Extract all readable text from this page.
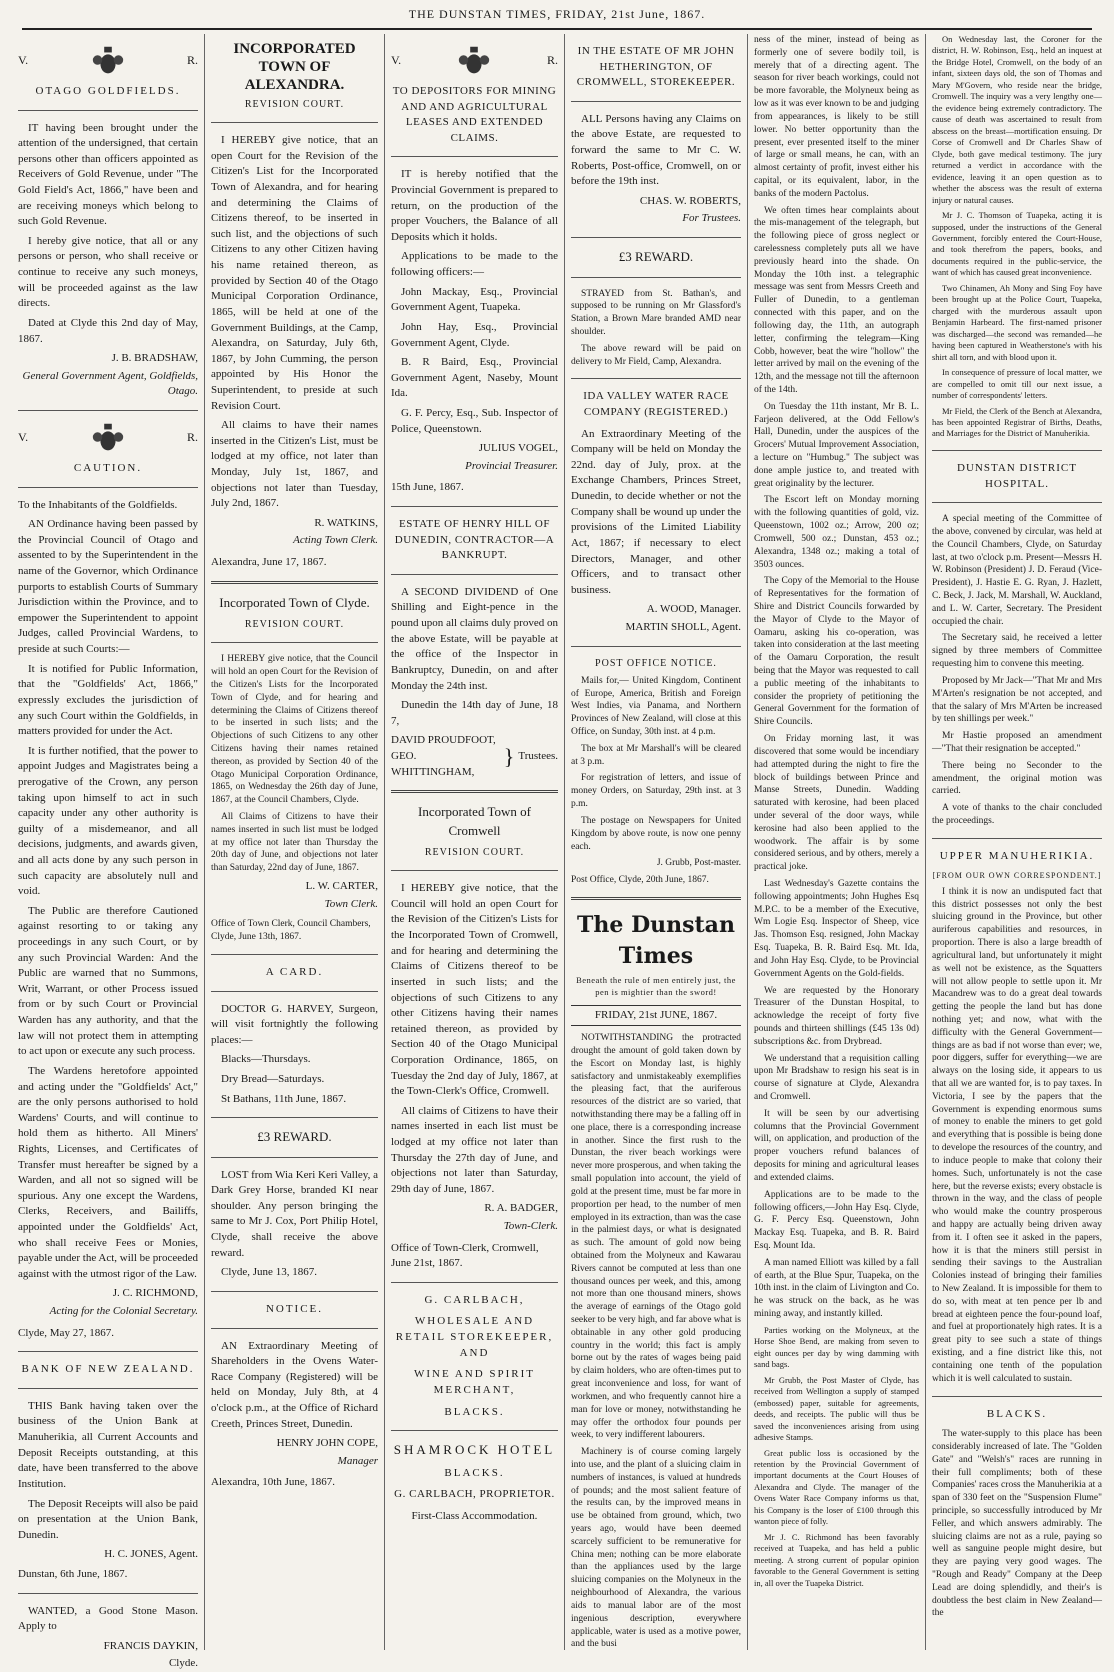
THE DUNSTAN TIMES, FRIDAY, 21st June, 1867.
V.	R.
OTAGO GOLDFIELDS.

IT having been brought under the attention of the undersigned, that certain persons other than officers appointed as Receivers of Gold Revenue, under "The Gold Field's Act, 1866," have been and are receiving moneys which belong to such Gold Revenue.

I hereby give notice, that all or any persons or person, who shall receive or continue to receive any such moneys, will be proceeded against as the law directs.

Dated at Clyde this 2nd day of May, 1867.

J. B. BRADSHAW,
General Government Agent, Goldfields, Otago.
V.	R.
CAUTION.

To the Inhabitants of the Goldfields.

AN Ordinance having been passed by the Provincial Council of Otago and assented to by the Superintendent in the name of the Governor, which Ordinance purports to establish Courts of Summary Jurisdiction within the Province, and to empower the Superintendent to appoint Judges, called Provincial Wardens, to preside at such Courts:—

It is notified for Public Information, that the "Goldfields' Act, 1866," expressly excludes the jurisdiction of any such Court within the Goldfields, in matters provided for under the Act.

It is further notified, that the power to appoint Judges and Magistrates being a prerogative of the Crown, any person taking upon himself to act in such capacity under any other authority is guilty of a misdemeanor, and all decisions, judgments, and awards given, and all acts done by any such person in such capacity are absolutely null and void.

The Public are therefore Cautioned against resorting to or taking any proceedings in any such Court, or by any such Provincial Warden: And the Public are warned that no Summons, Writ, Warrant, or other Process issued from or by such Court or Provincial Warden has any authority, and that the law will not protect them in attempting to act upon or execute any such process.

The Wardens heretofore appointed and acting under the "Goldfields' Act," are the only persons authorised to hold Wardens' Courts, and will continue to hold them as hitherto. All Miners' Rights, Licenses, and Certificates of Transfer must hereafter be signed by a Warden, and all not so signed will be spurious. Any one except the Wardens, Clerks, Receivers, and Bailiffs, appointed under the Goldfields' Act, who shall receive Fees or Monies, payable under the Act, will be proceeded against with the utmost rigor of the Law.

J. C. RICHMOND,
Acting for the Colonial Secretary.
Clyde, May 27, 1867.
BANK OF NEW ZEALAND.

THIS Bank having taken over the business of the Union Bank at Manuherikia, all Current Accounts and Deposit Receipts outstanding, at this date, have been transferred to the above Institution.

The Deposit Receipts will also be paid on presentation at the Union Bank, Dunedin.

H. C. JONES, Agent.
Dunstan, 6th June, 1867.

WANTED, a Good Stone Mason. Apply to

FRANCIS DAYKIN,
Clyde.
INCORPORATED TOWN OF ALEXANDRA.
REVISION COURT.

I HEREBY give notice, that an open Court for the Revision of the Citizen's List for the Incorporated Town of Alexandra, and for hearing and determining the Claims of Citizens thereof, to be inserted in such list, and the objections of such Citizens to any other Citizen having his name retained thereon, as provided by Section 40 of the Otago Municipal Corporation Ordinance, 1865, will be held at one of the Government Buildings, at the Camp, Alexandra, on Saturday, July 6th, 1867, by John Cumming, the person appointed by His Honor the Superintendent, to preside at such Revision Court.

All claims to have their names inserted in the Citizen's List, must be lodged at my office, not later than Monday, July 1st, 1867, and objections not later than Tuesday, July 2nd, 1867.

R. WATKINS,
Acting Town Clerk.
Alexandra, June 17, 1867.
Incorporated Town of Clyde.
REVISION COURT.

I HEREBY give notice, that the Council will hold an open Court for the Revision of the Citizen's Lists for the Incorporated Town of Clyde, and for hearing and determining the Claims of Citizens thereof to be inserted in such lists; and the Objections of such Citizens to any other Citizens having their names retained thereon, as provided by Section 40 of the Otago Municipal Corporation Ordinance, 1865, on Wednesday the 26th day of June, 1867, at the Council Chambers, Clyde.

All Claims of Citizens to have their names inserted in such list must be lodged at my office not later than Thursday the 20th day of June, and objections not later than Saturday, 22nd day of June, 1867.

L. W. CARTER,
Town Clerk.
Office of Town Clerk, Council Chambers, Clyde, June 13th, 1867.
A CARD.

DOCTOR G. HARVEY, Surgeon, will visit fortnightly the following places:—

Blacks—Thursdays.

Dry Bread—Saturdays.

St Bathans, 11th June, 1867.

£3 REWARD.

LOST from Wia Keri Keri Valley, a Dark Grey Horse, branded KI near shoulder. Any person bringing the same to Mr J. Cox, Port Philip Hotel, Clyde, shall receive the above reward.

Clyde, June 13, 1867.

NOTICE.

AN Extraordinary Meeting of Shareholders in the Ovens Water-Race Company (Registered) will be held on Monday, July 8th, at 4 o'clock p.m., at the Office of Richard Creeth, Princes Street, Dunedin.

HENRY JOHN COPE,
Manager
Alexandra, 10th June, 1867.
V.	R.
TO DEPOSITORS FOR MINING AND AND AGRICULTURAL LEASES AND EXTENDED CLAIMS.

IT is hereby notified that the Provincial Government is prepared to return, on the production of the proper Vouchers, the Balance of all Deposits which it holds.

Applications to be made to the following officers:—

John Mackay, Esq., Provincial Government Agent, Tuapeka.

John Hay, Esq., Provincial Government Agent, Clyde.

B. R Baird, Esq., Provincial Government Agent, Naseby, Mount Ida.

G. F. Percy, Esq., Sub. Inspector of Police, Queenstown.

JULIUS VOGEL,
Provincial Treasurer.
15th June, 1867.
ESTATE OF HENRY HILL OF DUNEDIN, CONTRACTOR—A BANKRUPT.

A SECOND DIVIDEND of One Shilling and Eight-pence in the pound upon all claims duly proved on the above Estate, will be payable at the office of the Inspector in Bankruptcy, Dunedin, on and after Monday the 24th inst.

Dunedin the 14th day of June, 18 7,

DAVID PROUDFOOT,
GEO. WHITTINGHAM,
} Trustees.
Incorporated Town of Cromwell
REVISION COURT.

I HEREBY give notice, that the Council will hold an open Court for the Revision of the Citizen's Lists for the Incorporated Town of Cromwell, and for hearing and determining the Claims of Citizens thereof to be inserted in such lists; and the objections of such Citizens to any other Citizens having their names retained thereon, as provided by Section 40 of the Otago Municipal Corporation Ordinance, 1865, on Tuesday the 2nd day of July, 1867, at the Town-Clerk's Office, Cromwell.

All claims of Citizens to have their names inserted in each list must be lodged at my office not later than Thursday the 27th day of June, and objections not later than Saturday, 29th day of June, 1867.

R. A. BADGER,
Town-Clerk.
Office of Town-Clerk, Cromwell, June 21st, 1867.
G. CARLBACH,
WHOLESALE AND RETAIL STOREKEEPER, AND
WINE AND SPIRIT MERCHANT,
BLACKS.
SHAMROCK HOTEL
BLACKS.
G. CARLBACH, PROPRIETOR.
First-Class Accommodation.
IN THE ESTATE OF MR JOHN HETHERINGTON, OF CROMWELL, STOREKEEPER.

ALL Persons having any Claims on the above Estate, are requested to forward the same to Mr C. W. Roberts, Post-office, Cromwell, on or before the 19th inst.

CHAS. W. ROBERTS,
For Trustees.
£3 REWARD.

STRAYED from St. Bathan's, and supposed to be running on Mr Glassford's Station, a Brown Mare branded AMD near shoulder.

The above reward will be paid on delivery to Mr Field, Camp, Alexandra.

IDA VALLEY WATER RACE COMPANY (REGISTERED.)

An Extraordinary Meeting of the Company will be held on Monday the 22nd. day of July, prox. at the Exchange Chambers, Princes Street, Dunedin, to decide whether or not the Company shall be wound up under the provisions of the Limited Liability Act, 1867; if necessary to elect Directors, Manager, and other Officers, and to transact other business.

A. WOOD, Manager.
MARTIN SHOLL, Agent.
POST OFFICE NOTICE.

Mails for,— United Kingdom, Continent of Europe, America, British and Foreign West Indies, via Panama, and Northern Provinces of New Zealand, will close at this Office, on Sunday, 30th inst. at 4 p.m.

The box at Mr Marshall's will be cleared at 3 p.m.

For registration of letters, and issue of money Orders, on Saturday, 29th inst. at 3 p.m.

The postage on Newspapers for United Kingdom by above route, is now one penny each.

J. Grubb, Post-master.
Post Office, Clyde, 20th June, 1867.
The Dunstan Times
Beneath the rule of men entirely just, the pen is mightier than the sword!
FRIDAY, 21st JUNE, 1867.

NOTWITHSTANDING the protracted drought the amount of gold taken down by the Escort on Monday last, is highly satisfactory and unmistakeably exemplifies the pleasing fact, that the auriferous resources of the district are so varied, that notwithstanding there may be a falling off in one place, there is a corresponding increase in another. Since the first rush to the Dunstan, the river beach workings were never more prosperous, and when taking the small population into account, the yield of gold at the present time, must be far more in proportion per head, to the number of men employed in its extraction, than was the case in the palmiest days, or what is designated as such. The amount of gold now being obtained from the Molyneux and Kawarau Rivers cannot be computed at less than one thousand ounces per week, and this, among not more than one thousand miners, shows the average of earnings of the Otago gold seeker to be very high, and far above what is obtainable in any other gold producing country in the world; this fact is amply borne out by the rates of wages being paid by claim holders, who are often-times put to great inconvenience and loss, for want of workmen, and who frequently cannot hire a man for love or money, notwithstanding he may offer the orthodox four pounds per week, to very indifferent labourers.

Machinery is of course coming largely into use, and the plant of a sluicing claim in numbers of instances, is valued at hundreds of pounds; and the most salient feature of the results can, by the improved means in use be obtained from ground, which, two years ago, would have been deemed scarcely sufficient to be remunerative for China men; nothing can be more elaborate than the appliances used by the large sluicing companies on the Molyneux in the neighbourhood of Alexandra, the various aids to manual labor are of the most ingenious description, everywhere applicable, water is used as a motive power, and the busi

ness of the miner, instead of being as formerly one of severe bodily toil, is merely that of a directing agent. The season for river beach workings, could not be more favorable, the Molyneux being as low as it was ever known to be and judging from appearances, is likely to be still lower. No better opportunity than the present, ever presented itself to the miner of large or small means, he can, with an almost certainty of profit, invest either his capital, or its equivalent, labor, in the banks of the modern Pactolus.

We often times hear complaints about the mis-management of the telegraph, but the following piece of gross neglect or carelessness completely puts all we have previously heard into the shade. On Monday the 10th inst. a telegraphic message was sent from Messrs Creeth and Fuller of Dunedin, to a gentleman connected with this paper, and on the following day, the 11th, an autograph letter, confirming the telegram—King Cobb, however, beat the wire "hollow" the letter arrived by mail on the evening of the 12th, and the message not till the afternoon of the 14th.

On Tuesday the 11th instant, Mr B. L. Farjeon delivered, at the Odd Fellow's Hall, Dunedin, under the auspices of the Grocers' Mutual Improvement Association, a lecture on "Humbug." The subject was done ample justice to, and treated with great originality by the lecturer.

The Escort left on Monday morning with the following quantities of gold, viz. Queenstown, 1002 oz.; Arrow, 200 oz; Cromwell, 500 oz.; Dunstan, 453 oz.; Alexandra, 1348 oz.; making a total of 3503 ounces.

The Copy of the Memorial to the House of Representatives for the formation of Shire and District Councils forwarded by the Mayor of Clyde to the Mayor of Oamaru, asking his co-operation, was taken into consideration at the last meeting of the Oamaru Corporation, the result being that the Mayor was requested to call a public meeting of the inhabitants to consider the propriety of petitioning the General Government for the formation of Shire Councils.

On Friday morning last, it was discovered that some would be incendiary had attempted during the night to fire the block of buildings between Prince and Manse Streets, Dunedin. Wadding saturated with kerosine, had been placed under several of the door ways, while kerosine had also been applied to the woodwork. The affair is by some considered serious, and by others, merely a practical joke.

Last Wednesday's Gazette contains the following appointments; John Hughes Esq M.P.C. to be a member of the Executive, Wm Logie Esq. Inspector of Sheep, vice Jas. Thomson Esq. resigned, John Mackay Esq. Tuapeka, B. R. Baird Esq. Mt. Ida, and John Hay Esq. Clyde, to be Provincial Government Agents on the Gold-fields.

We are requested by the Honorary Treasurer of the Dunstan Hospital, to acknowledge the receipt of forty five pounds and thirteen shillings (£45 13s 0d) subscriptions &c. from Drybread.

We understand that a requisition calling upon Mr Bradshaw to resign his seat is in course of signature at Clyde, Alexandra and Cromwell.

It will be seen by our advertising columns that the Provincial Government will, on application, and production of the proper vouchers refund balances of deposits for mining and agricultural leases and extended claims.

Applications are to be made to the following officers,—John Hay Esq. Clyde, G. F. Percy Esq. Queenstown, John Mackay Esq. Tuapeka, and B. R. Baird Esq. Mount Ida.

A man named Elliott was killed by a fall of earth, at the Blue Spur, Tuapeka, on the 10th inst. in the claim of Livington and Co. he was struck on the back, as he was mining away, and instantly killed.

Parties working on the Molyneux, at the Horse Shoe Bend, are making from seven to eight ounces per day by wing damming with sand bags.

Mr Grubb, the Post Master of Clyde, has received from Wellington a supply of stamped (embossed) paper, suitable for agreements, deeds, and receipts. The public will thus be saved the inconveniences arising from using adhesive Stamps.

Great public loss is occasioned by the retention by the Provincial Government of important documents at the Court Houses of Alexandra and Clyde. The manager of the Ovens Water Race Company informs us that, his Company is the loser of £100 through this wanton piece of folly.

Mr J. C. Richmond has been favorably received at Tuapeka, and has held a public meeting. A strong current of popular opinion favorable to the General Government is setting in, all over the Tuapeka District.

On Wednesday last, the Coroner for the district, H. W. Robinson, Esq., held an inquest at the Bridge Hotel, Cromwell, on the body of an infant, sixteen days old, the son of Thomas and Mary M'Govern, who reside near the bridge, Cromwell. The inquiry was a very lengthy one—the evidence being extremely contradictory. The cause of death was ascertained to result from abscess on the breast—mortification ensuing. Dr Corse of Cromwell and Dr Charles Shaw of Clyde, both gave medical testimony. The jury returned a verdict in accordance with the evidence, leaving it an open question as to whether the abscess was the result of externa injury or natural causes.

Mr J. C. Thomson of Tuapeka, acting it is supposed, under the instructions of the General Government, forcibly entered the Court-House, and took therefrom the papers, books, and documents required in the public-service, the want of which has caused great inconvenience.

Two Chinamen, Ah Mony and Sing Foy have been brought up at the Police Court, Tuapeka, charged with the murderous assault upon Benjamin Harbeard. The first-named prisoner was discharged—the second was remanded—he having been captured in Weatherstone's with his shirt all torn, and with blood upon it.

In consequence of pressure of local matter, we are compelled to omit till our next issue, a number of correspondents' letters.

Mr Field, the Clerk of the Bench at Alexandra, has been appointed Registrar of Births, Deaths, and Marriages for the District of Manuherikia.

DUNSTAN DISTRICT HOSPITAL.

A special meeting of the Committee of the above, convened by circular, was held at the Council Chambers, Clyde, on Saturday last, at two o'clock p.m. Present—Messrs H. W. Robinson (President) J. D. Feraud (Vice-President), J. Hastie E. G. Ryan, J. Hazlett, C. Beck, J. Jack, M. Marshall, W. Auckland, and L. W. Carter, Secretary. The President occupied the chair.

The Secretary said, he received a letter signed by three members of Committee requesting him to convene this meeting.

Proposed by Mr Jack—"That Mr and Mrs M'Arten's resignation be not accepted, and that the salary of Mrs M'Arten be increased by ten shillings per week."

Mr Hastie proposed an amendment—"That their resignation be accepted."

There being no Seconder to the amendment, the original motion was carried.

A vote of thanks to the chair concluded the proceedings.

UPPER MANUHERIKIA.
[FROM OUR OWN CORRESPONDENT.]

I think it is now an undisputed fact that this district possesses not only the best sluicing ground in the Province, but other auriferous capabilities and resources, in proportion. There is also a large breadth of agricultural land, but unfortunately it might as well not be existence, as the Squatters will not allow people to settle upon it. Mr Macandrew was to do a great deal towards getting the people the land but has done nothing yet; and now, what with the difficulty with the General Government—things are as bad if not worse than ever; we, poor diggers, suffer for everything—we are always on the losing side, it appears to us that all we are wanted for, is to pay taxes. In Victoria, I see by the papers that the Government is expending enormous sums of money to enable the miners to get gold and everything that is possible is being done to develope the resources of the country, and to induce people to make that colony their homes. Such, unfortunately is not the case here, but the reverse exists; every obstacle is thrown in the way, and the class of people who would make the country prosperous and happy are actually being driven away from it. I often see it asked in the papers, how it is that the miners still persist in sending their savings to the Australian Colonies instead of bringing their families to New Zealand. It is impossible for them to do so, with meat at ten pence per lb and bread at eighteen pence the four-pound loaf, and fuel at proportionately high rates. It is a great pity to see such a state of things existing, and a fine district like this, not containing one tenth of the population which it is well calculated to sustain.

BLACKS.

The water-supply to this place has been considerably increased of late. The "Golden Gate" and "Welsh's" races are running in their full compliments; both of these Companies' races cross the Manuherikia at a span of 330 feet on the "Suspension Flume" principle, so successfully introduced by Mr Feller, and which answers admirably. The sluicing claims are not as a rule, paying so well as sanguine people might desire, but they are paying very good wages. The "Rough and Ready" Company at the Deep Lead are doing splendidly, and their's is doubtless the best claim in New Zealand—the
